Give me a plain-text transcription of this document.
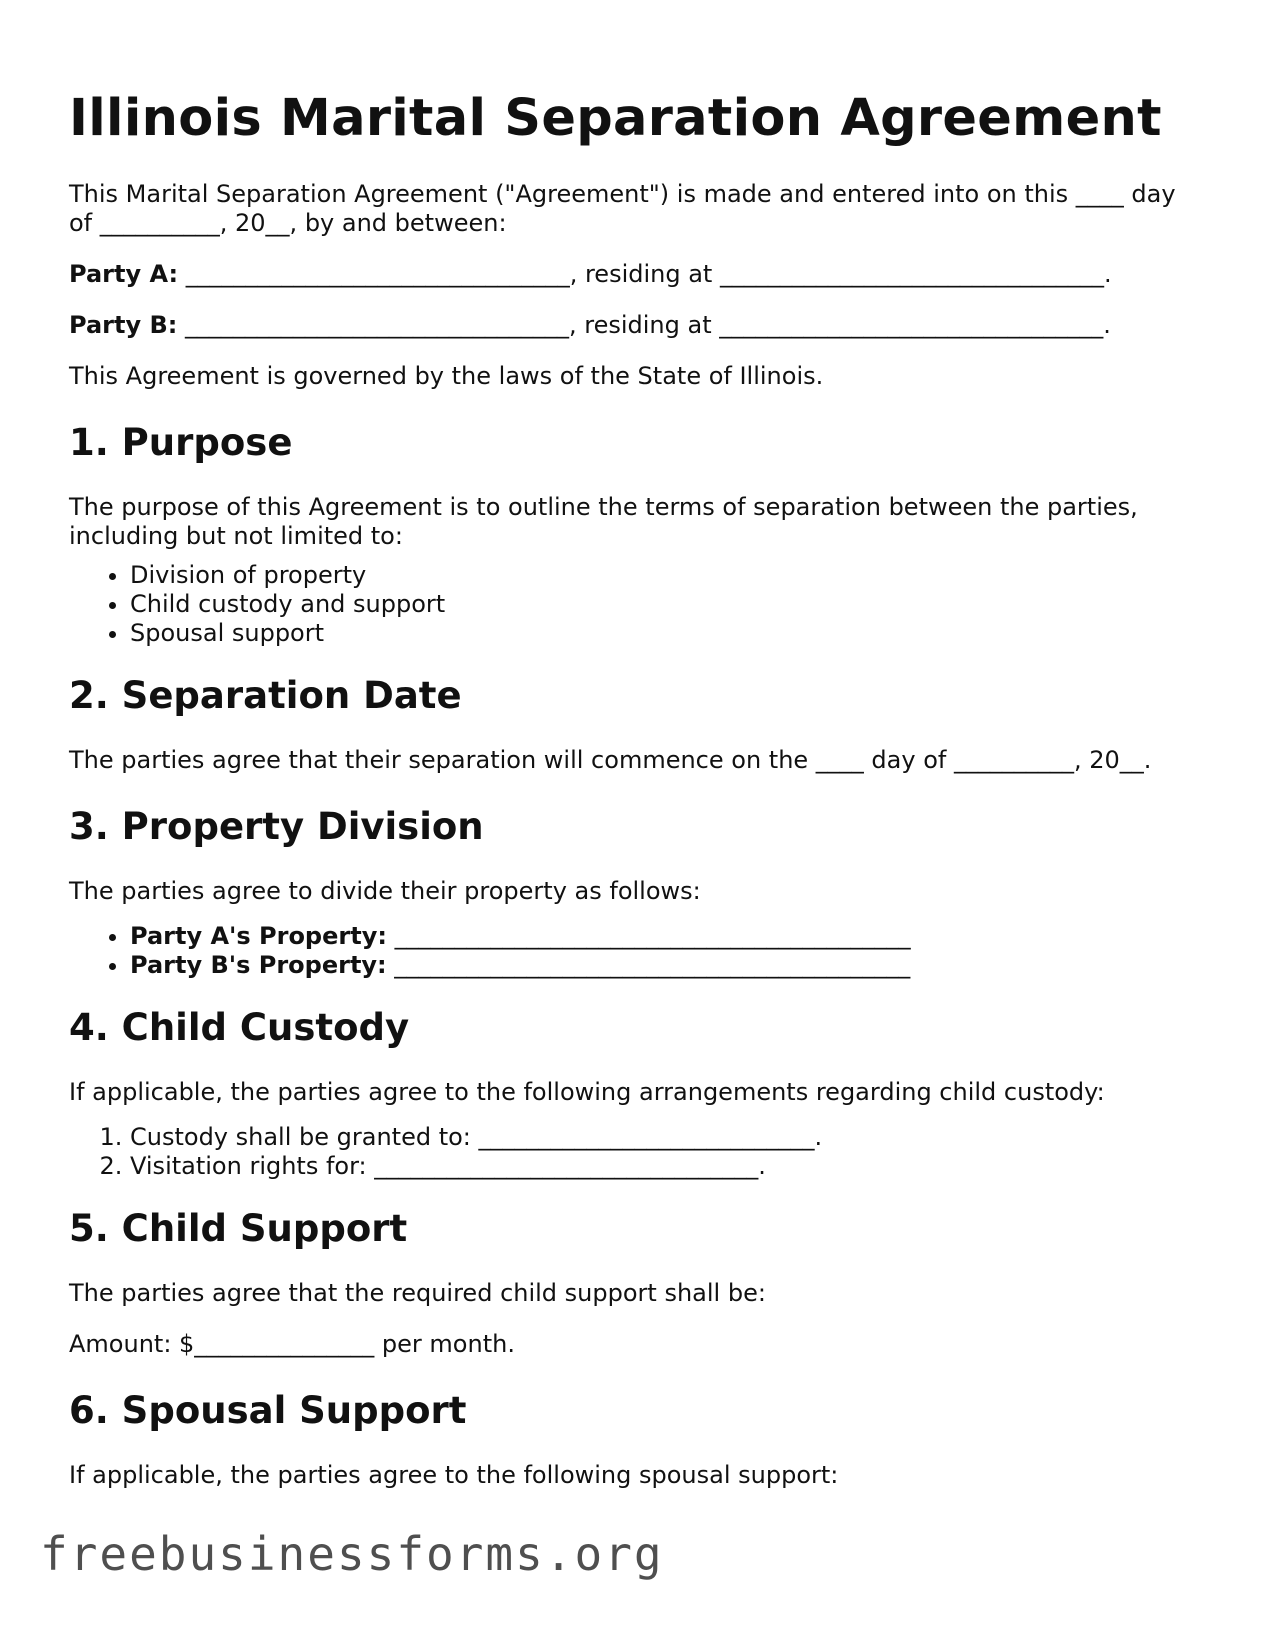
Illinois Marital Separation Agreement

This Marital Separation Agreement ("Agreement") is made and entered into on this ____ day of __________, 20__, by and between:

Party A: ________________________________, residing at ________________________________.

Party B: ________________________________, residing at ________________________________.

This Agreement is governed by the laws of the State of Illinois.

1. Purpose

The purpose of this Agreement is to outline the terms of separation between the parties, including but not limited to:

• Division of property
• Child custody and support
• Spousal support
2. Separation Date

The parties agree that their separation will commence on the ____ day of __________, 20__.

3. Property Division

The parties agree to divide their property as follows:

• Party A's Property: ___________________________________________
• Party B's Property: ___________________________________________
4. Child Custody

If applicable, the parties agree to the following arrangements regarding child custody:

1. Custody shall be granted to: ____________________________.
2. Visitation rights for: ________________________________.
5. Child Support

The parties agree that the required child support shall be:

Amount: $_______________ per month.

6. Spousal Support

If applicable, the parties agree to the following spousal support:

freebusinessforms.org
